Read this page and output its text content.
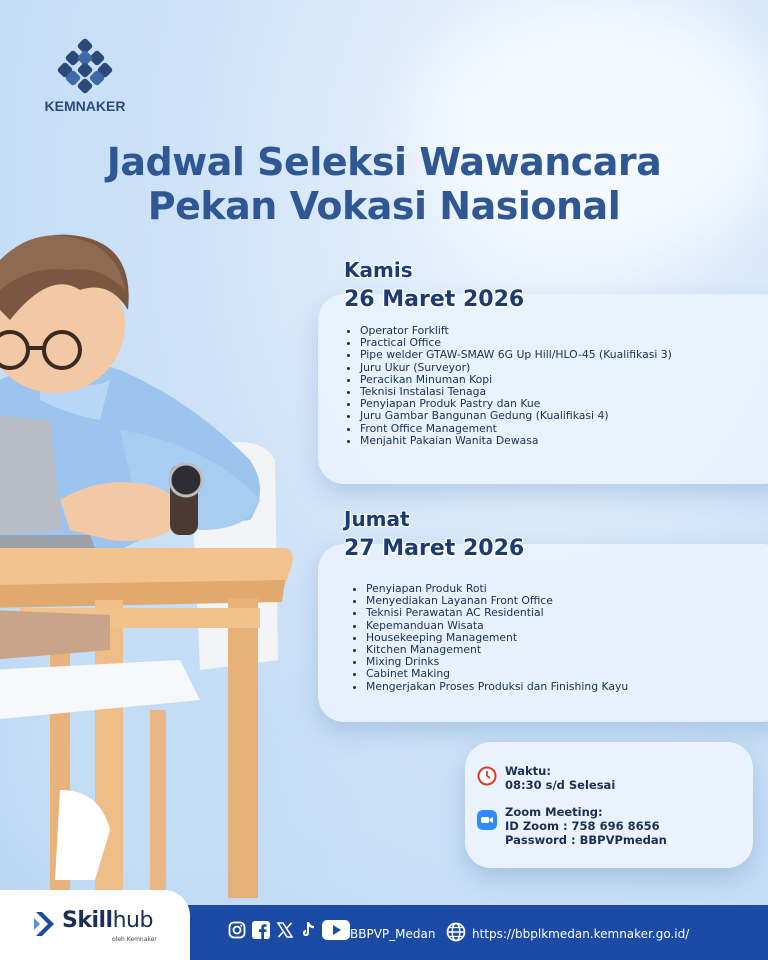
KEMNAKER
Jadwal Seleksi Wawancara
Pekan Vokasi Nasional
Kamis
• Operator Forklift
• Practical Office
• Pipe welder GTAW-SMAW 6G Up Hill/HLO-45 (Kualifikasi 3)
• Juru Ukur (Surveyor)
• Peracikan Minuman Kopi
• Teknisi Instalasi Tenaga
• Penyiapan Produk Pastry dan Kue
• Juru Gambar Bangunan Gedung (Kualifikasi 4)
• Front Office Management
• Menjahit Pakaian Wanita Dewasa
26 Maret 2026
Jumat
• Penyiapan Produk Roti
• Menyediakan Layanan Front Office
• Teknisi Perawatan AC Residential
• Kepemanduan Wisata
• Housekeeping Management
• Kitchen Management
• Mixing Drinks
• Cabinet Making
• Mengerjakan Proses Produksi dan Finishing Kayu
27 Maret 2026
Waktu:
08:30 s/d Selesai
Zoom Meeting:
ID Zoom : 758 696 8656
Password : BBPVPmedan
Skillhub
oleh Kemnaker	BBPVP_Medan	https://bbplkmedan.kemnaker.go.id/
